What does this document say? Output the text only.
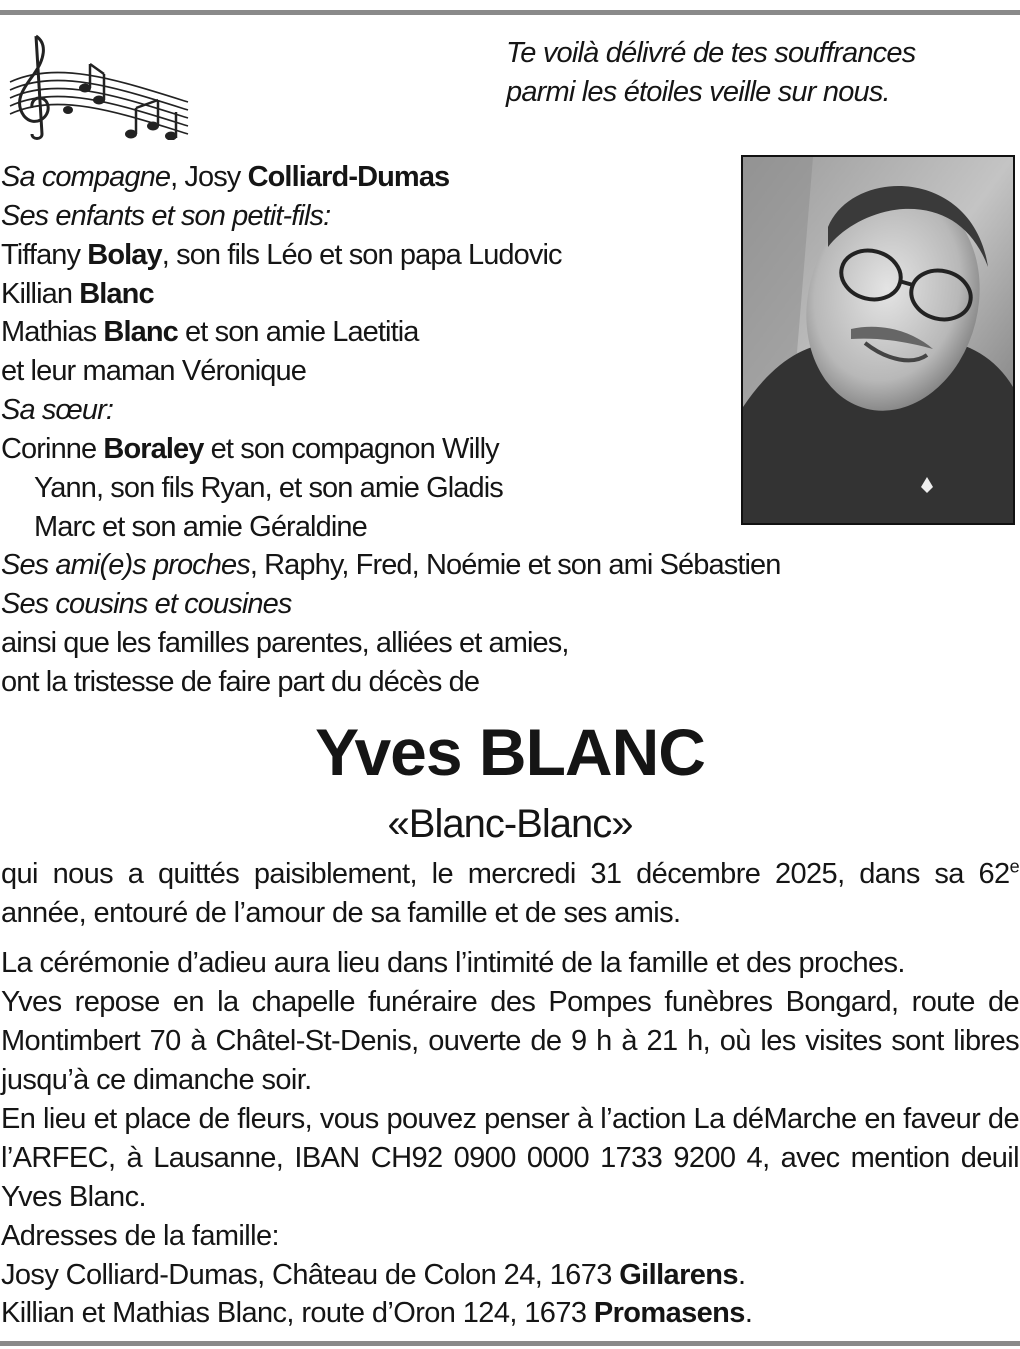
Te voilà délivré de tes souffrances
parmi les étoiles veille sur nous.
Sa compagne, Josy Colliard-Dumas
Ses enfants et son petit-fils:
Tiffany Bolay, son fils Léo et son papa Ludovic
Killian Blanc
Mathias Blanc et son amie Laetitia
et leur maman Véronique
Sa sœur:
Corinne Boraley et son compagnon Willy
Yann, son fils Ryan, et son amie Gladis
Marc et son amie Géraldine
Ses ami(e)s proches, Raphy, Fred, Noémie et son ami Sébastien
Ses cousins et cousines
ainsi que les familles parentes, alliées et amies,
ont la tristesse de faire part du décès de
Yves BLANC
«Blanc-Blanc»
qui nous a quittés paisiblement, le mercredi 31 décembre 2025, dans sa 62e année, entouré de l’amour de sa famille et de ses amis.
La cérémonie d’adieu aura lieu dans l’intimité de la famille et des proches.
Yves repose en la chapelle funéraire des Pompes funèbres Bongard, route de Montimbert 70 à Châtel-St-Denis, ouverte de 9 h à 21 h, où les visites sont libres jusqu’à ce dimanche soir.
En lieu et place de fleurs, vous pouvez penser à l’action La déMarche en faveur de l’ARFEC, à Lausanne, IBAN CH92 0900 0000 1733 9200 4, avec mention deuil Yves Blanc.
Adresses de la famille:
Josy Colliard-Dumas, Château de Colon 24, 1673 Gillarens.
Killian et Mathias Blanc, route d’Oron 124, 1673 Promasens.
